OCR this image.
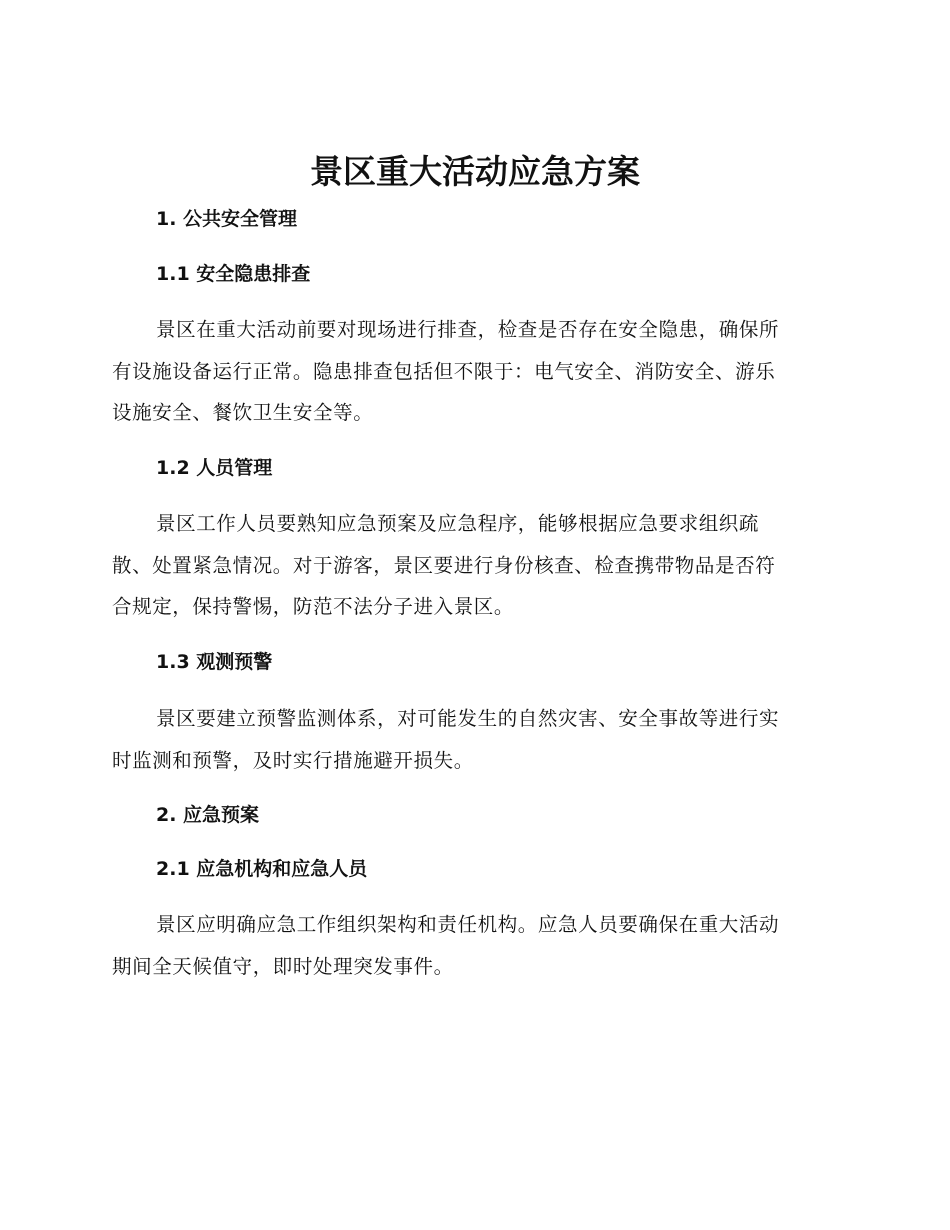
景区重大活动应急方案
1. 公共安全管理
1.1 安全隐患排查
景区在重大活动前要对现场进行排查，检查是否存在安全隐患，确保所
有设施设备运行正常。隐患排查包括但不限于：电气安全、消防安全、游乐
设施安全、餐饮卫生安全等。
1.2 人员管理
景区工作人员要熟知应急预案及应急程序，能够根据应急要求组织疏
散、处置紧急情况。对于游客，景区要进行身份核查、检查携带物品是否符
合规定，保持警惕，防范不法分子进入景区。
1.3 观测预警
景区要建立预警监测体系，对可能发生的自然灾害、安全事故等进行实
时监测和预警，及时实行措施避开损失。
2. 应急预案
2.1 应急机构和应急人员
景区应明确应急工作组织架构和责任机构。应急人员要确保在重大活动
期间全天候值守，即时处理突发事件。
